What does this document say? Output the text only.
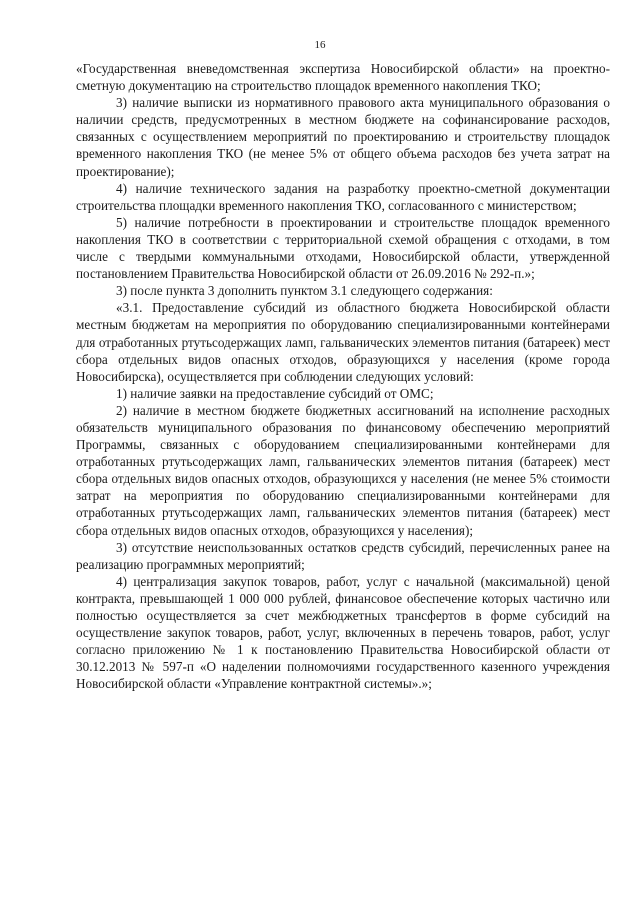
16

«Государственная вневедомственная экспертиза Новосибирской области» на проектно-сметную документацию на строительство площадок временного накопления ТКО;

3) наличие выписки из нормативного правового акта муниципального образования о наличии средств, предусмотренных в местном бюджете на софинансирование расходов, связанных с осуществлением мероприятий по проектированию и строительству площадок временного накопления ТКО (не менее 5% от общего объема расходов без учета затрат на проектирование);

4) наличие технического задания на разработку проектно-сметной документации строительства площадки временного накопления ТКО, согласованного с министерством;

5) наличие потребности в проектировании и строительстве площадок временного накопления ТКО в соответствии с территориальной схемой обращения с отходами, в том числе с твердыми коммунальными отходами, Новосибирской области, утвержденной постановлением Правительства Новосибирской области от 26.09.2016 № 292-п.»;

3) после пункта 3 дополнить пунктом 3.1 следующего содержания:

«3.1. Предоставление субсидий из областного бюджета Новосибирской области местным бюджетам на мероприятия по оборудованию специализированными контейнерами для отработанных ртутьсодержащих ламп, гальванических элементов питания (батареек) мест сбора отдельных видов опасных отходов, образующихся у населения (кроме города Новосибирска), осуществляется при соблюдении следующих условий:

1) наличие заявки на предоставление субсидий от ОМС;

2) наличие в местном бюджете бюджетных ассигнований на исполнение расходных обязательств муниципального образования по финансовому обеспечению мероприятий Программы, связанных с оборудованием специализированными контейнерами для отработанных ртутьсодержащих ламп, гальванических элементов питания (батареек) мест сбора отдельных видов опасных отходов, образующихся у населения (не менее 5% стоимости затрат на мероприятия по оборудованию специализированными контейнерами для отработанных ртутьсодержащих ламп, гальванических элементов питания (батареек) мест сбора отдельных видов опасных отходов, образующихся у населения);

3) отсутствие неиспользованных остатков средств субсидий, перечисленных ранее на реализацию программных мероприятий;

4) централизация закупок товаров, работ, услуг с начальной (максимальной) ценой контракта, превышающей 1 000 000 рублей, финансовое обеспечение которых частично или полностью осуществляется за счет межбюджетных трансфертов в форме субсидий на осуществление закупок товаров, работ, услуг, включенных в перечень товаров, работ, услуг согласно приложению № 1 к постановлению Правительства Новосибирской области от 30.12.2013 № 597-п «О наделении полномочиями государственного казенного учреждения Новосибирской области «Управление контрактной системы».»;
